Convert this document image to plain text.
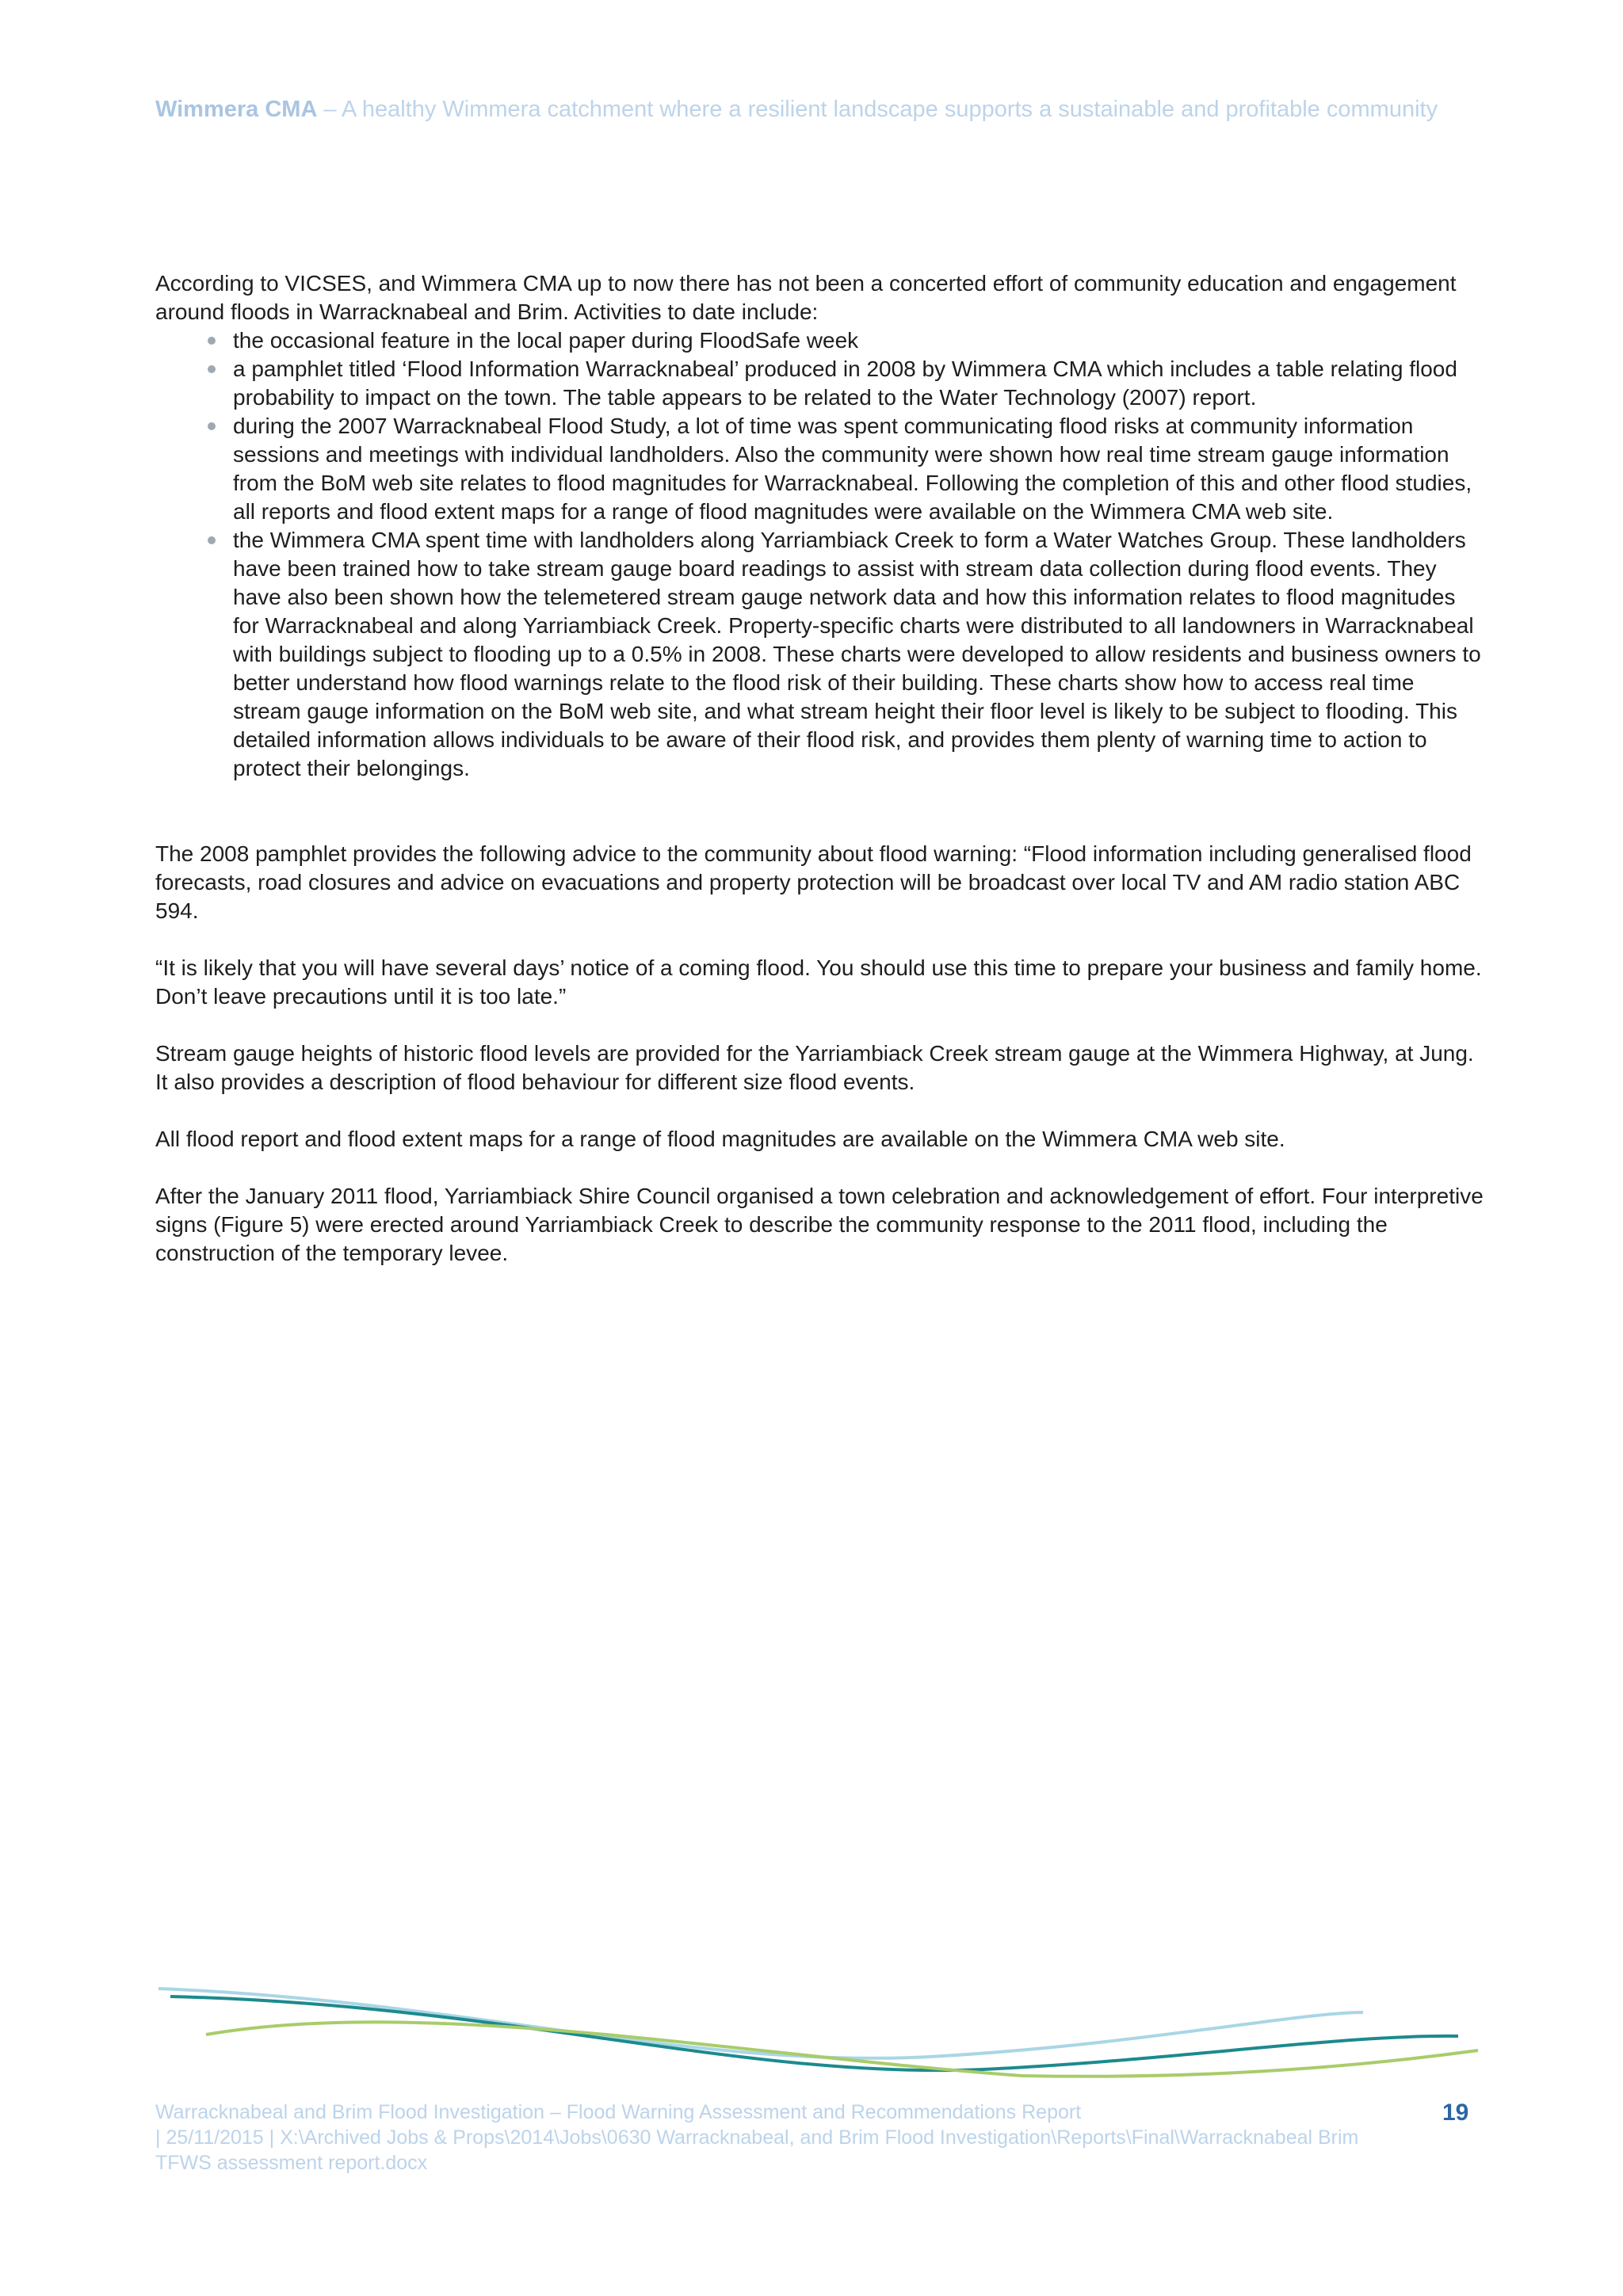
Wimmera CMA – A healthy Wimmera catchment where a resilient landscape supports a sustainable and profitable community

According to VICSES, and Wimmera CMA up to now there has not been a concerted effort of community education and engagement around floods in Warracknabeal and Brim. Activities to date include:

the occasional feature in the local paper during FloodSafe week
a pamphlet titled ‘Flood Information Warracknabeal’ produced in 2008 by Wimmera CMA which includes a table relating flood probability to impact on the town. The table appears to be related to the Water Technology (2007) report.
during the 2007 Warracknabeal Flood Study, a lot of time was spent communicating flood risks at community information sessions and meetings with individual landholders. Also the community were shown how real time stream gauge information from the BoM web site relates to flood magnitudes for Warracknabeal. Following the completion of this and other flood studies, all reports and flood extent maps for a range of flood magnitudes were available on the Wimmera CMA web site.
the Wimmera CMA spent time with landholders along Yarriambiack Creek to form a Water Watches Group. These landholders have been trained how to take stream gauge board readings to assist with stream data collection during flood events. They have also been shown how the telemetered stream gauge network data and how this information relates to flood magnitudes for Warracknabeal and along Yarriambiack Creek. Property-specific charts were distributed to all landowners in Warracknabeal with buildings subject to flooding up to a 0.5% in 2008. These charts were developed to allow residents and business owners to better understand how flood warnings relate to the flood risk of their building. These charts show how to access real time stream gauge information on the BoM web site, and what stream height their floor level is likely to be subject to flooding. This detailed information allows individuals to be aware of their flood risk, and provides them plenty of warning time to action to protect their belongings.

The 2008 pamphlet provides the following advice to the community about flood warning: “Flood information including generalised flood forecasts, road closures and advice on evacuations and property protection will be broadcast over local TV and AM radio station ABC 594.

“It is likely that you will have several days’ notice of a coming flood. You should use this time to prepare your business and family home. Don’t leave precautions until it is too late.”

Stream gauge heights of historic flood levels are provided for the Yarriambiack Creek stream gauge at the Wimmera Highway, at Jung. It also provides a description of flood behaviour for different size flood events.

All flood report and flood extent maps for a range of flood magnitudes are available on the Wimmera CMA web site.

After the January 2011 flood, Yarriambiack Shire Council organised a town celebration and acknowledgement of effort. Four interpretive signs (Figure 5) were erected around Yarriambiack Creek to describe the community response to the 2011 flood, including the construction of the temporary levee.

Warracknabeal and Brim Flood Investigation – Flood Warning Assessment and Recommendations Report
| 25/11/2015 | X:\Archived Jobs & Props\2014\Jobs\0630 Warracknabeal, and Brim Flood Investigation\Reports\Final\Warracknabeal Brim
TFWS assessment report.docx
19
